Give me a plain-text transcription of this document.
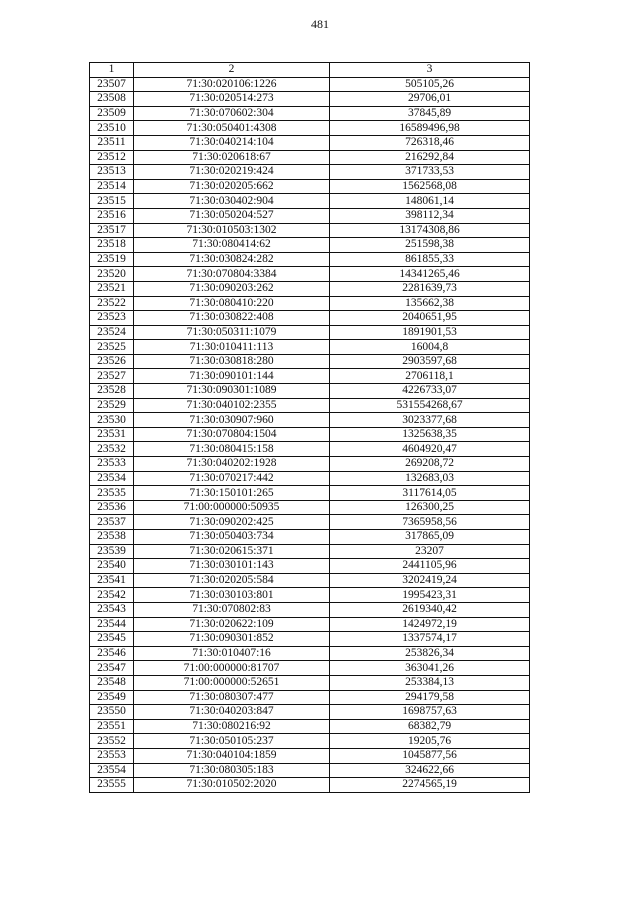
481
1	2	3
23507	71:30:020106:1226	505105,26
23508	71:30:020514:273	29706,01
23509	71:30:070602:304	37845,89
23510	71:30:050401:4308	16589496,98
23511	71:30:040214:104	726318,46
23512	71:30:020618:67	216292,84
23513	71:30:020219:424	371733,53
23514	71:30:020205:662	1562568,08
23515	71:30:030402:904	148061,14
23516	71:30:050204:527	398112,34
23517	71:30:010503:1302	13174308,86
23518	71:30:080414:62	251598,38
23519	71:30:030824:282	861855,33
23520	71:30:070804:3384	14341265,46
23521	71:30:090203:262	2281639,73
23522	71:30:080410:220	135662,38
23523	71:30:030822:408	2040651,95
23524	71:30:050311:1079	1891901,53
23525	71:30:010411:113	16004,8
23526	71:30:030818:280	2903597,68
23527	71:30:090101:144	2706118,1
23528	71:30:090301:1089	4226733,07
23529	71:30:040102:2355	531554268,67
23530	71:30:030907:960	3023377,68
23531	71:30:070804:1504	1325638,35
23532	71:30:080415:158	4604920,47
23533	71:30:040202:1928	269208,72
23534	71:30:070217:442	132683,03
23535	71:30:150101:265	3117614,05
23536	71:00:000000:50935	126300,25
23537	71:30:090202:425	7365958,56
23538	71:30:050403:734	317865,09
23539	71:30:020615:371	23207
23540	71:30:030101:143	2441105,96
23541	71:30:020205:584	3202419,24
23542	71:30:030103:801	1995423,31
23543	71:30:070802:83	2619340,42
23544	71:30:020622:109	1424972,19
23545	71:30:090301:852	1337574,17
23546	71:30:010407:16	253826,34
23547	71:00:000000:81707	363041,26
23548	71:00:000000:52651	253384,13
23549	71:30:080307:477	294179,58
23550	71:30:040203:847	1698757,63
23551	71:30:080216:92	68382,79
23552	71:30:050105:237	19205,76
23553	71:30:040104:1859	1045877,56
23554	71:30:080305:183	324622,66
23555	71:30:010502:2020	2274565,19
